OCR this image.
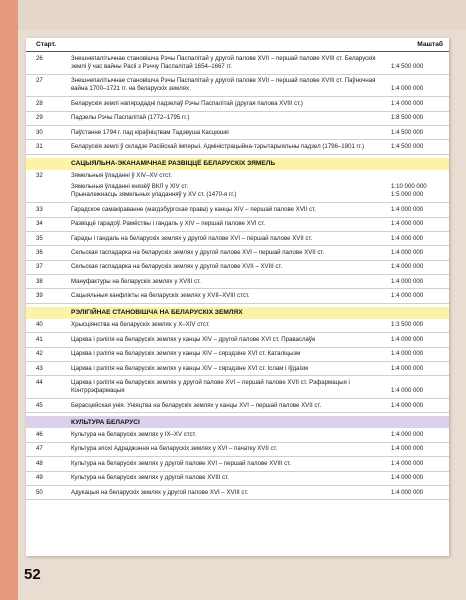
Старт.	Маштаб
26	Знешнепалітычнае становішча Рэчы Паспалітай у другой палове XVII – першай палове XVIII ст. Беларускія землі ў час вайны Расіі з Рэччу Паспалітай 1654–1667 гг.	1:4 500 000
27	Знешнепалітычнае становішча Рэчы Паспалітай у другой палове XVII – першай палове XVIII ст. Паўночная вайна 1700–1721 гг. на беларускіх землях	1:4 000 000
28	Беларускія землі напярэдадні падзелаў Рэчы Паспалітай (другая палова XVIII ст.)	1:4 000 000
29	Падзелы Рэчы Паспалітай (1772–1795 гг.)	1:8 500 000
30	Паўстанне 1794 г. пад кіраўніцтвам Тадэвуша Касцюшкі	1:4 500 000
31	Беларускія землі ў складзе Расійскай імперыі. Адміністрацыйна-тэрытарыяльны падзел (1796–1801 гг.)	1:4 500 000
САЦЫЯЛЬНА-ЭКАНАМІЧНАЕ РАЗВІЦЦЁ БЕЛАРУСКІХ ЗЯМЕЛЬ
32	Зямельныя ўладанні ў XIV–XV стст.
Зямельныя ўладанні князёў ВКЛ у XIV ст.	1:10 000 000
Прыналежнасць зямельных уладанняў у XV ст. (1470-я гг.)	1:5 000 000
33	Гарадское самакіраванне (магдэбургскае права) у канцы XIV – першай палове XVII ст.	1:4 000 000
34	Развіццё гарадоў. Рамёствы і гандаль у XIV – першай палове XVI ст.	1:4 000 000
35	Гарады і гандаль на беларускіх землях у другой палове XVI – першай палове XVII ст.	1:4 000 000
36	Сельская гаспадарка на беларускіх землях у другой палове XVI – першай палове XVII ст.	1:4 000 000
37	Сельская гаспадарка на беларускіх землях у другой палове XVII – XVIII ст.	1:4 000 000
38	Мануфактуры на беларускіх землях у XVIII ст.	1:4 000 000
39	Сацыяльныя канфлікты на беларускіх землях у XVII–XVIII стст.	1:4 000 000
РЭЛІГІЙНАЕ СТАНОВІШЧА НА БЕЛАРУСКІХ ЗЕМЛЯХ
40	Хрысціянства на беларускіх землях у X–XIV стст.	1:3 500 000
41	Царква і рэлігія на беларускіх землях у канцы XIV – другой палове XVI ст. Праваслаўе	1:4 000 000
42	Царква і рэлігія на беларускіх землях у канцы XIV – сярэдзіне XVI ст. Каталіцызм	1:4 000 000
43	Царква і рэлігія на беларускіх землях у канцы XIV – сярэдзіне XVI ст. Іслам і іўдаізм	1:4 000 000
44	Царква і рэлігія на беларускіх землях у другой палове XVI – першай палове XVII ст. Рэфармацыя і Контррэфармацыя	1:4 000 000
45	Берасцейская унія. Уніяцтва на беларускіх землях у канцы XVI – першай палове XVII ст.	1:4 000 000
КУЛЬТУРА БЕЛАРУСІ
46	Культура на беларускіх землях у IX–XV стст.	1:4 000 000
47	Культура эпохі Адраджэння на беларускіх землях у XVI – пачатку XVII ст.	1:4 000 000
48	Культура на беларускіх землях у другой палове XVI – першай палове XVIII ст.	1:4 000 000
49	Культура на беларускіх землях у другой палове XVIII ст.	1:4 000 000
50	Адукацыя на беларускіх землях у другой палове XVI – XVIII ст.	1:4 000 000
52
